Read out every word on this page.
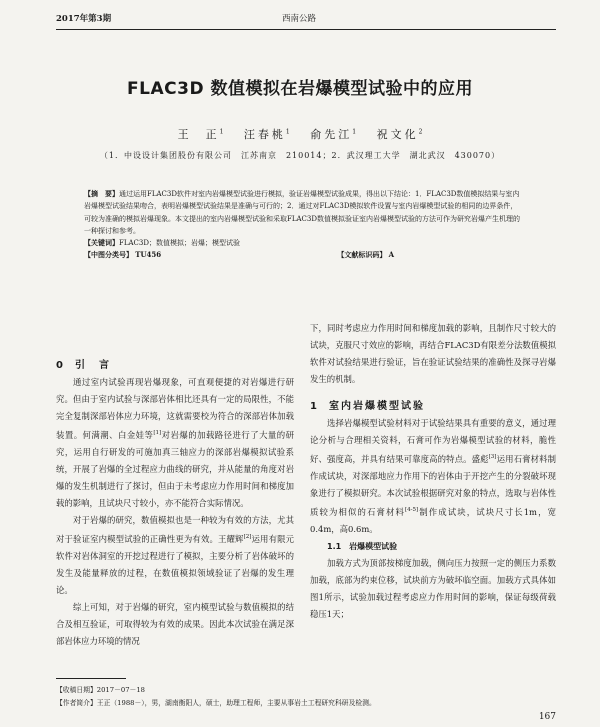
2017年第3期	西南公路
FLAC3D 数值模拟在岩爆模型试验中的应用
王　正$^1$ 　 汪春桃$^1$ 　 俞先江$^1$ 　 祝文化$^2$
（1．中设设计集团股份有限公司　江苏南京　210014；2．武汉理工大学　湖北武汉　430070）

【摘　要】通过运用FLAC3D软件对室内岩爆模型试验进行模拟，验证岩爆模型试验成果，得出以下结论：1．FLAC3D数值模拟结果与室内岩爆模型试验结果吻合，表明岩爆模型试验结果是准确与可行的；2．通过对FLAC3D模拟软件设置与室内岩爆模型试验的相同的边界条件，可较为准确的模拟岩爆现象。本文提出的室内岩爆模型试验和采取FLAC3D数值模拟验证室内岩爆模型试验的方法可作为研究岩爆产生机理的一种探讨和参考。

【关键词】FLAC3D；数值模拟；岩爆；模型试验

【中图分类号】 TU456	【文献标识码】 A

0 引　言

通过室内试验再现岩爆现象，可直观便捷的对岩爆进行研究。但由于室内试验与深部岩体相比还具有一定的局限性，不能完全复制深部岩体应力环境，这就需要校为符合的深部岩体加载装置。何满潮、白金娃等[1]对岩爆的加载路径进行了大量的研究，运用自行研发的可施加真三轴应力的深部岩爆模拟试验系统，开展了岩爆的全过程应力曲线的研究，并从能量的角度对岩爆的发生机制进行了探讨，但由于未考虑应力作用时间和梯度加载的影响，且试块尺寸较小，亦不能符合实际情况。

对于岩爆的研究，数值模拟也是一种较为有效的方法，尤其对于验证室内模型试验的正确性更为有效。王耀辉[2]运用有限元软件对岩体洞室的开挖过程进行了模拟，主要分析了岩体破坏的发生及能量释放的过程，在数值模拟领域验证了岩爆的发生理论。

综上可知，对于岩爆的研究，室内模型试验与数值模拟的结合及相互验证，可取得较为有效的成果。因此本次试验在满足深部岩体应力环境的情况

下，同时考虑应力作用时间和梯度加载的影响，且制作尺寸较大的试块，克服尺寸效应的影响，再结合FLAC3D有限差分法数值模拟软件对试验结果进行验证，旨在验证试验结果的准确性及探寻岩爆发生的机制。

1 室内岩爆模型试验

选择岩爆模型试验材料对于试验结果具有重要的意义，通过理论分析与合理相关资料，石膏可作为岩爆模型试验的材料，脆性好、强度高，并具有结果可靠度高的特点。盛彪[3]运用石膏材料制作成试块，对深部地应力作用下的岩体由于开挖产生的分裂破坏现象进行了模拟研究。本次试验根据研究对象的特点，选取与岩体性质较为相似的石膏材料[4-5]制作成试块，试块尺寸长1m，宽0.4m，高0.6m。

1.1　 岩爆模型试验

加载方式为顶部按梯度加载，侧向压力按照一定的侧压力系数加载，底部为约束位移，试块前方为破坏临空面。加载方式具体如图1所示，试验加载过程考虑应力作用时间的影响，保证每级荷载稳压1天；

【收稿日期】2017－07－18

【作者简介】王正（1988－），男，湖南衡阳人，硕士，助理工程师，主要从事岩土工程研究科研及检测。

167
